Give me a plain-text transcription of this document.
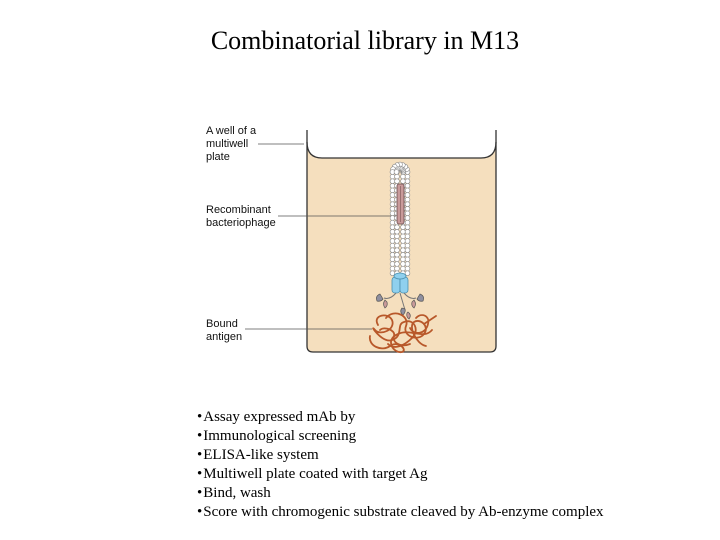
Combinatorial library in M13
A well of a
multiwell
plate
Recombinant
bacteriophage
Bound
antigen
• Assay expressed mAb by
• Immunological screening
• ELISA-like system
• Multiwell plate coated with target Ag
• Bind, wash
• Score with chromogenic substrate cleaved by Ab-enzyme complex
